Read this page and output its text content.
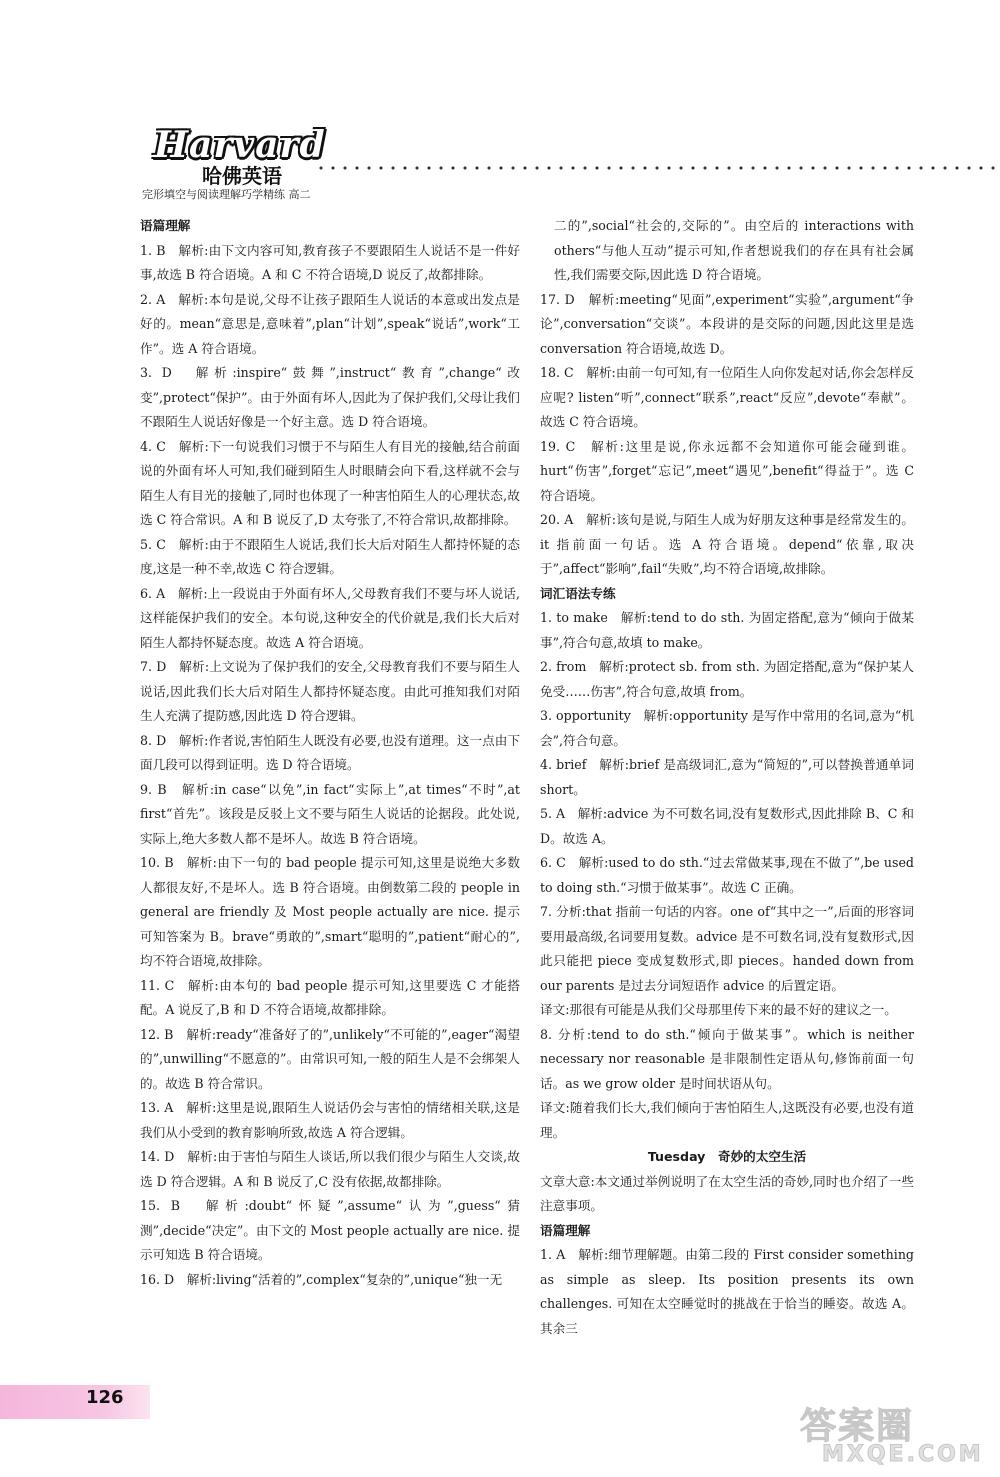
Harvard
哈佛英语
完形填空与阅读理解巧学精练 高二
语篇理解
1. B　解析:由下文内容可知,教育孩子不要跟陌生人说话不是一件好事,故选 B 符合语境。A 和 C 不符合语境,D 说反了,故都排除。
2. A　解析:本句是说,父母不让孩子跟陌生人说话的本意或出发点是好的。mean“意思是,意味着”,plan“计划”,speak“说话”,work“工作”。选 A 符合语境。
3. D　解析:inspire“鼓舞”,instruct“教育”,change“改变”,protect“保护”。由于外面有坏人,因此为了保护我们,父母让我们不跟陌生人说话好像是一个好主意。选 D 符合语境。
4. C　解析:下一句说我们习惯于不与陌生人有目光的接触,结合前面说的外面有坏人可知,我们碰到陌生人时眼睛会向下看,这样就不会与陌生人有目光的接触了,同时也体现了一种害怕陌生人的心理状态,故选 C 符合常识。A 和 B 说反了,D 太夸张了,不符合常识,故都排除。
5. C　解析:由于不跟陌生人说话,我们长大后对陌生人都持怀疑的态度,这是一种不幸,故选 C 符合逻辑。
6. A　解析:上一段说由于外面有坏人,父母教育我们不要与坏人说话,这样能保护我们的安全。本句说,这种安全的代价就是,我们长大后对陌生人都持怀疑态度。故选 A 符合语境。
7. D　解析:上文说为了保护我们的安全,父母教育我们不要与陌生人说话,因此我们长大后对陌生人都持怀疑态度。由此可推知我们对陌生人充满了提防感,因此选 D 符合逻辑。
8. D　解析:作者说,害怕陌生人既没有必要,也没有道理。这一点由下面几段可以得到证明。选 D 符合语境。
9. B　解析:in case“以免”,in fact“实际上”,at times“不时”,at first“首先”。该段是反驳上文不要与陌生人说话的论据段。此处说,实际上,绝大多数人都不是坏人。故选 B 符合语境。
10. B　解析:由下一句的 bad people 提示可知,这里是说绝大多数人都很友好,不是坏人。选 B 符合语境。由倒数第二段的 people in general are friendly 及 Most people actually are nice. 提示可知答案为 B。brave“勇敢的”,smart“聪明的”,patient“耐心的”,均不符合语境,故排除。
11. C　解析:由本句的 bad people 提示可知,这里要选 C 才能搭配。A 说反了,B 和 D 不符合语境,故都排除。
12. B　解析:ready“准备好了的”,unlikely“不可能的”,eager“渴望的”,unwilling“不愿意的”。由常识可知,一般的陌生人是不会绑架人的。故选 B 符合常识。
13. A　解析:这里是说,跟陌生人说话仍会与害怕的情绪相关联,这是我们从小受到的教育影响所致,故选 A 符合逻辑。
14. D　解析:由于害怕与陌生人谈话,所以我们很少与陌生人交谈,故选 D 符合逻辑。A 和 B 说反了,C 没有依据,故都排除。
15. B　解析:doubt“怀疑”,assume“认为”,guess“猜测”,decide“决定”。由下文的 Most people actually are nice. 提示可知选 B 符合语境。
16. D　解析:living“活着的”,complex“复杂的”,unique“独一无
二的”,social“社会的,交际的”。由空后的 interactions with others“与他人互动”提示可知,作者想说我们的存在具有社会属性,我们需要交际,因此选 D 符合语境。
17. D　解析:meeting“见面”,experiment“实验”,argument“争论”,conversation“交谈”。本段讲的是交际的问题,因此这里是选 conversation 符合语境,故选 D。
18. C　解析:由前一句可知,有一位陌生人向你发起对话,你会怎样反应呢? listen“听”,connect“联系”,react“反应”,devote“奉献”。故选 C 符合语境。
19. C　解析:这里是说,你永远都不会知道你可能会碰到谁。hurt“伤害”,forget“忘记”,meet“遇见”,benefit“得益于”。选 C 符合语境。
20. A　解析:该句是说,与陌生人成为好朋友这种事是经常发生的。it 指前面一句话。选 A 符合语境。depend“依靠,取决于”,affect“影响”,fail“失败”,均不符合语境,故排除。
词汇语法专练
1. to make　解析:tend to do sth. 为固定搭配,意为“倾向于做某事”,符合句意,故填 to make。
2. from　解析:protect sb. from sth. 为固定搭配,意为“保护某人免受……伤害”,符合句意,故填 from。
3. opportunity　解析:opportunity 是写作中常用的名词,意为“机会”,符合句意。
4. brief　解析:brief 是高级词汇,意为“简短的”,可以替换普通单词 short。
5. A　解析:advice 为不可数名词,没有复数形式,因此排除 B、C 和 D。故选 A。
6. C　解析:used to do sth.“过去常做某事,现在不做了”,be used to doing sth.“习惯于做某事”。故选 C 正确。
7. 分析:that 指前一句话的内容。one of“其中之一”,后面的形容词要用最高级,名词要用复数。advice 是不可数名词,没有复数形式,因此只能把 piece 变成复数形式,即 pieces。handed down from our parents 是过去分词短语作 advice 的后置定语。
译文:那很有可能是从我们父母那里传下来的最不好的建议之一。
8. 分析:tend to do sth.“倾向于做某事”。which is neither necessary nor reasonable 是非限制性定语从句,修饰前面一句话。as we grow older 是时间状语从句。
译文:随着我们长大,我们倾向于害怕陌生人,这既没有必要,也没有道理。
Tuesday　奇妙的太空生活
文章大意:本文通过举例说明了在太空生活的奇妙,同时也介绍了一些注意事项。
语篇理解
1. A　解析:细节理解题。由第二段的 First consider something as simple as sleep. Its position presents its own challenges. 可知在太空睡觉时的挑战在于恰当的睡姿。故选 A。其余三
126
答案圈
MXQE.COM
